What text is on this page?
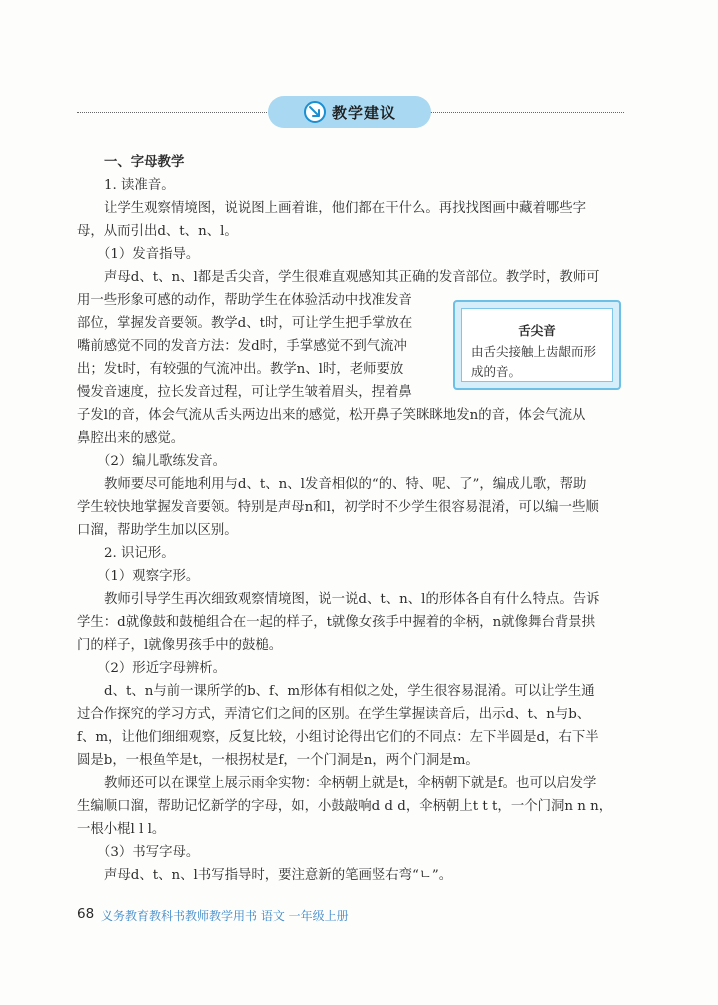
教学建议
一、字母教学
1. 读准音。
让学生观察情境图，说说图上画着谁，他们都在干什么。再找找图画中藏着哪些字
母，从而引出d、t、n、l。
（1）发音指导。
声母d、t、n、l都是舌尖音，学生很难直观感知其正确的发音部位。教学时，教师可
用一些形象可感的动作，帮助学生在体验活动中找准发音
部位，掌握发音要领。教学d、t时，可让学生把手掌放在
嘴前感觉不同的发音方法：发d时，手掌感觉不到气流冲
出；发t时，有较强的气流冲出。教学n、l时，老师要放
慢发音速度，拉长发音过程，可让学生皱着眉头，捏着鼻
子发l的音，体会气流从舌头两边出来的感觉，松开鼻子笑眯眯地发n的音，体会气流从
鼻腔出来的感觉。
（2）编儿歌练发音。
教师要尽可能地利用与d、t、n、l发音相似的“的、特、呢、了”，编成儿歌，帮助
学生较快地掌握发音要领。特别是声母n和l，初学时不少学生很容易混淆，可以编一些顺
口溜，帮助学生加以区别。
2. 识记形。
（1）观察字形。
教师引导学生再次细致观察情境图，说一说d、t、n、l的形体各自有什么特点。告诉
学生：d就像鼓和鼓槌组合在一起的样子，t就像女孩手中握着的伞柄，n就像舞台背景拱
门的样子，l就像男孩手中的鼓槌。
（2）形近字母辨析。
d、t、n与前一课所学的b、f、m形体有相似之处，学生很容易混淆。可以让学生通
过合作探究的学习方式，弄清它们之间的区别。在学生掌握读音后，出示d、t、n与b、
f、m，让他们细细观察，反复比较，小组讨论得出它们的不同点：左下半圆是d，右下半
圆是b，一根鱼竿是t，一根拐杖是f，一个门洞是n，两个门洞是m。
教师还可以在课堂上展示雨伞实物：伞柄朝上就是t，伞柄朝下就是f。也可以启发学
生编顺口溜，帮助记忆新学的字母，如，小鼓敲响d d d，伞柄朝上t t t，一个门洞n n n，
一根小棍l l l。
（3）书写字母。
声母d、t、n、l书写指导时，要注意新的笔画竖右弯“ㄴ”。
舌尖音
由舌尖接触上齿龈而形成的音。
68 义务教育教科书教师教学用书 语文 一年级上册
